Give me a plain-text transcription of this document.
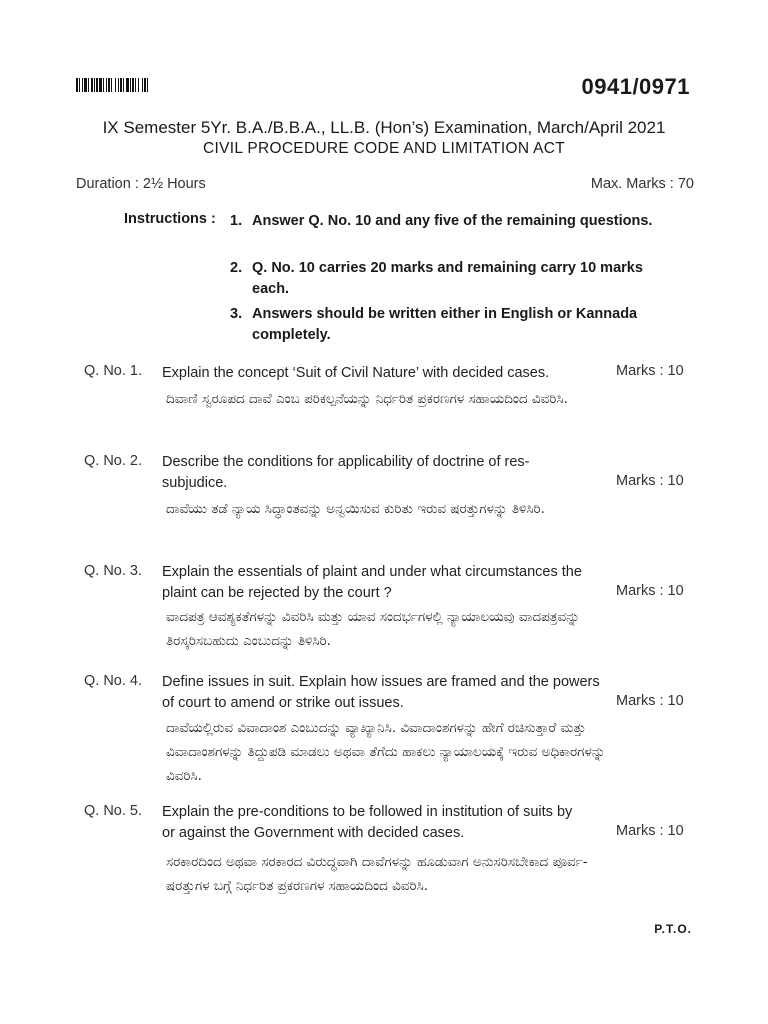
0941/0971
IX Semester 5Yr. B.A./B.B.A., LL.B. (Hon’s) Examination, March/April 2021
CIVIL PROCEDURE CODE AND LIMITATION ACT
Duration : 2½ Hours	Max. Marks : 70
Instructions : 1. Answer Q. No. 10 and any five of the remaining questions.
2. Q. No. 10 carries 20 marks and remaining carry 10 marks each.
3. Answers should be written either in English or Kannada completely.
Q. No. 1. Explain the concept ‘Suit of Civil Nature’ with decided cases.	Marks : 10
ದಿವಾಣಿ ಸ್ವರೂಪದ ದಾವೆ ಎಂಬ ಪರಿಕಲ್ಪನೆಯನ್ನು ನಿರ್ಧರಿತ ಪ್ರಕರಣಗಳ ಸಹಾಯದಿಂದ ವಿವರಿಸಿ.
Q. No. 2. Describe the conditions for applicability of doctrine of res-subjudice.	Marks : 10
ದಾವೆಯು ತಡೆ ನ್ಯಾಯ ಸಿದ್ಧಾಂತವನ್ನು ಅನ್ವಯಿಸುವ ಕುರಿತು ಇರುವ ಷರತ್ತುಗಳನ್ನು ತಿಳಿಸಿರಿ.
Q. No. 3. Explain the essentials of plaint and under what circumstances the plaint can be rejected by the court ?	Marks : 10
ವಾದಪತ್ರ ಆವಶ್ಯಕತೆಗಳನ್ನು ವಿವರಿಸಿ ಮತ್ತು ಯಾವ ಸಂದರ್ಭಗಳಲ್ಲಿ ನ್ಯಾಯಾಲಯವು ವಾದಪತ್ರವನ್ನು ತಿರಸ್ಕರಿಸಬಹುದು ಎಂಬುದನ್ನು ತಿಳಿಸಿರಿ.
Q. No. 4. Define issues in suit. Explain how issues are framed and the powers of court to amend or strike out issues.	Marks : 10
ದಾವೆಯಲ್ಲಿರುವ ವಿವಾದಾಂಶ ಎಂಬುದನ್ನು ವ್ಯಾಖ್ಯಾನಿಸಿ. ವಿವಾದಾಂಶಗಳನ್ನು ಹೇಗೆ ರಚಿಸುತ್ತಾರೆ ಮತ್ತು ವಿವಾದಾಂಶಗಳನ್ನು ತಿದ್ದುಪಡಿ ಮಾಡಲು ಅಥವಾ ತೆಗೆದು ಹಾಕಲು ನ್ಯಾಯಾಲಯಕ್ಕೆ ಇರುವ ಅಧಿಕಾರಗಳನ್ನು ವಿವರಿಸಿ.
Q. No. 5. Explain the pre-conditions to be followed in institution of suits by or against the Government with decided cases.	Marks : 10
ಸರಕಾರದಿಂದ ಅಥವಾ ಸರಕಾರದ ವಿರುದ್ಧವಾಗಿ ದಾವೆಗಳನ್ನು ಹೂಡುವಾಗ ಅನುಸರಿಸಬೇಕಾದ ಪೂರ್ವ-ಷರತ್ತುಗಳ ಬಗ್ಗೆ ನಿರ್ಧರಿತ ಪ್ರಕರಣಗಳ ಸಹಾಯದಿಂದ ವಿವರಿಸಿ.
P.T.O.
